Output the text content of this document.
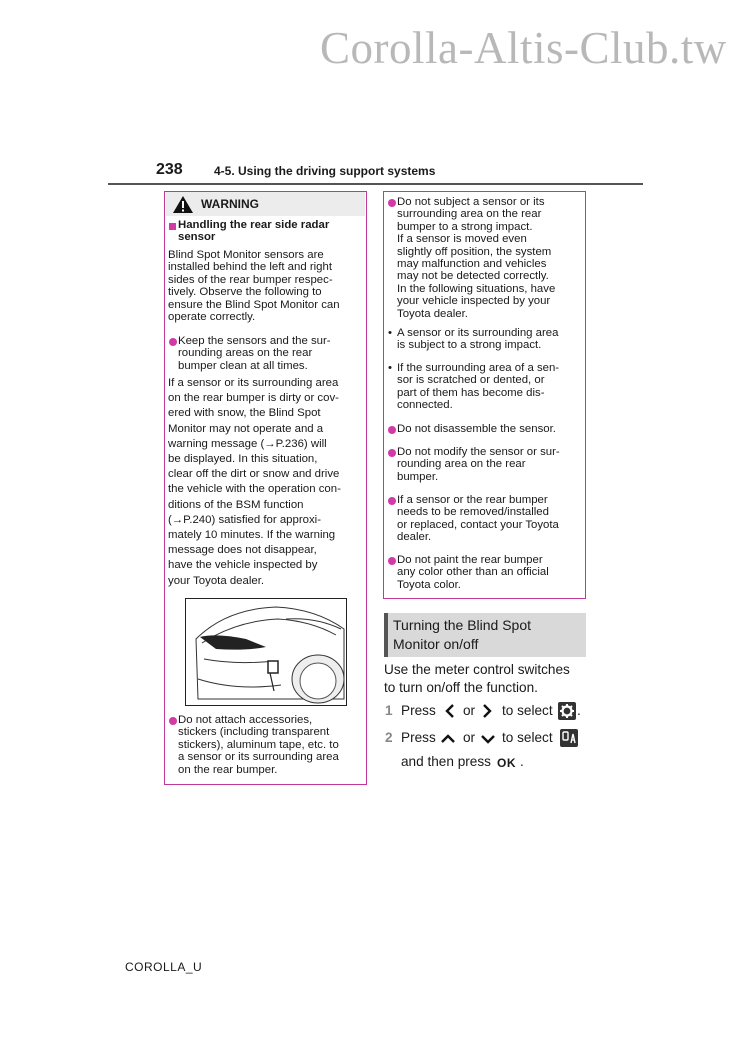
Corolla-Altis-Club.tw
238	4-5. Using the driving support systems
WARNING
Handling the rear side radar
sensor
Blind Spot Monitor sensors are
installed behind the left and right
sides of the rear bumper respec-
tively. Observe the following to
ensure the Blind Spot Monitor can
operate correctly.
Keep the sensors and the sur-
rounding areas on the rear
bumper clean at all times.
If a sensor or its surrounding area
on the rear bumper is dirty or cov-
ered with snow, the Blind Spot
Monitor may not operate and a
warning message (→P.236) will
be displayed. In this situation,
clear off the dirt or snow and drive
the vehicle with the operation con-
ditions of the BSM function
(→P.240) satisfied for approxi-
mately 10 minutes. If the warning
message does not disappear,
have the vehicle inspected by
your Toyota dealer.
Do not attach accessories,
stickers (including transparent
stickers), aluminum tape, etc. to
a sensor or its surrounding area
on the rear bumper.
Do not subject a sensor or its
surrounding area on the rear
bumper to a strong impact.
If a sensor is moved even
slightly off position, the system
may malfunction and vehicles
may not be detected correctly.
In the following situations, have
your vehicle inspected by your
Toyota dealer.
• A sensor or its surrounding area
is subject to a strong impact.
• If the surrounding area of a sen-
sor is scratched or dented, or
part of them has become dis-
connected.
Do not disassemble the sensor.
Do not modify the sensor or sur-
rounding area on the rear
bumper.
If a sensor or the rear bumper
needs to be removed/installed
or replaced, contact your Toyota
dealer.
Do not paint the rear bumper
any color other than an official
Toyota color.
Turning the Blind Spot
Monitor on/off
Use the meter control switches
to turn on/off the function.
1 Press or to select .
2 Press or to select
and then press OK .
COROLLA_U
